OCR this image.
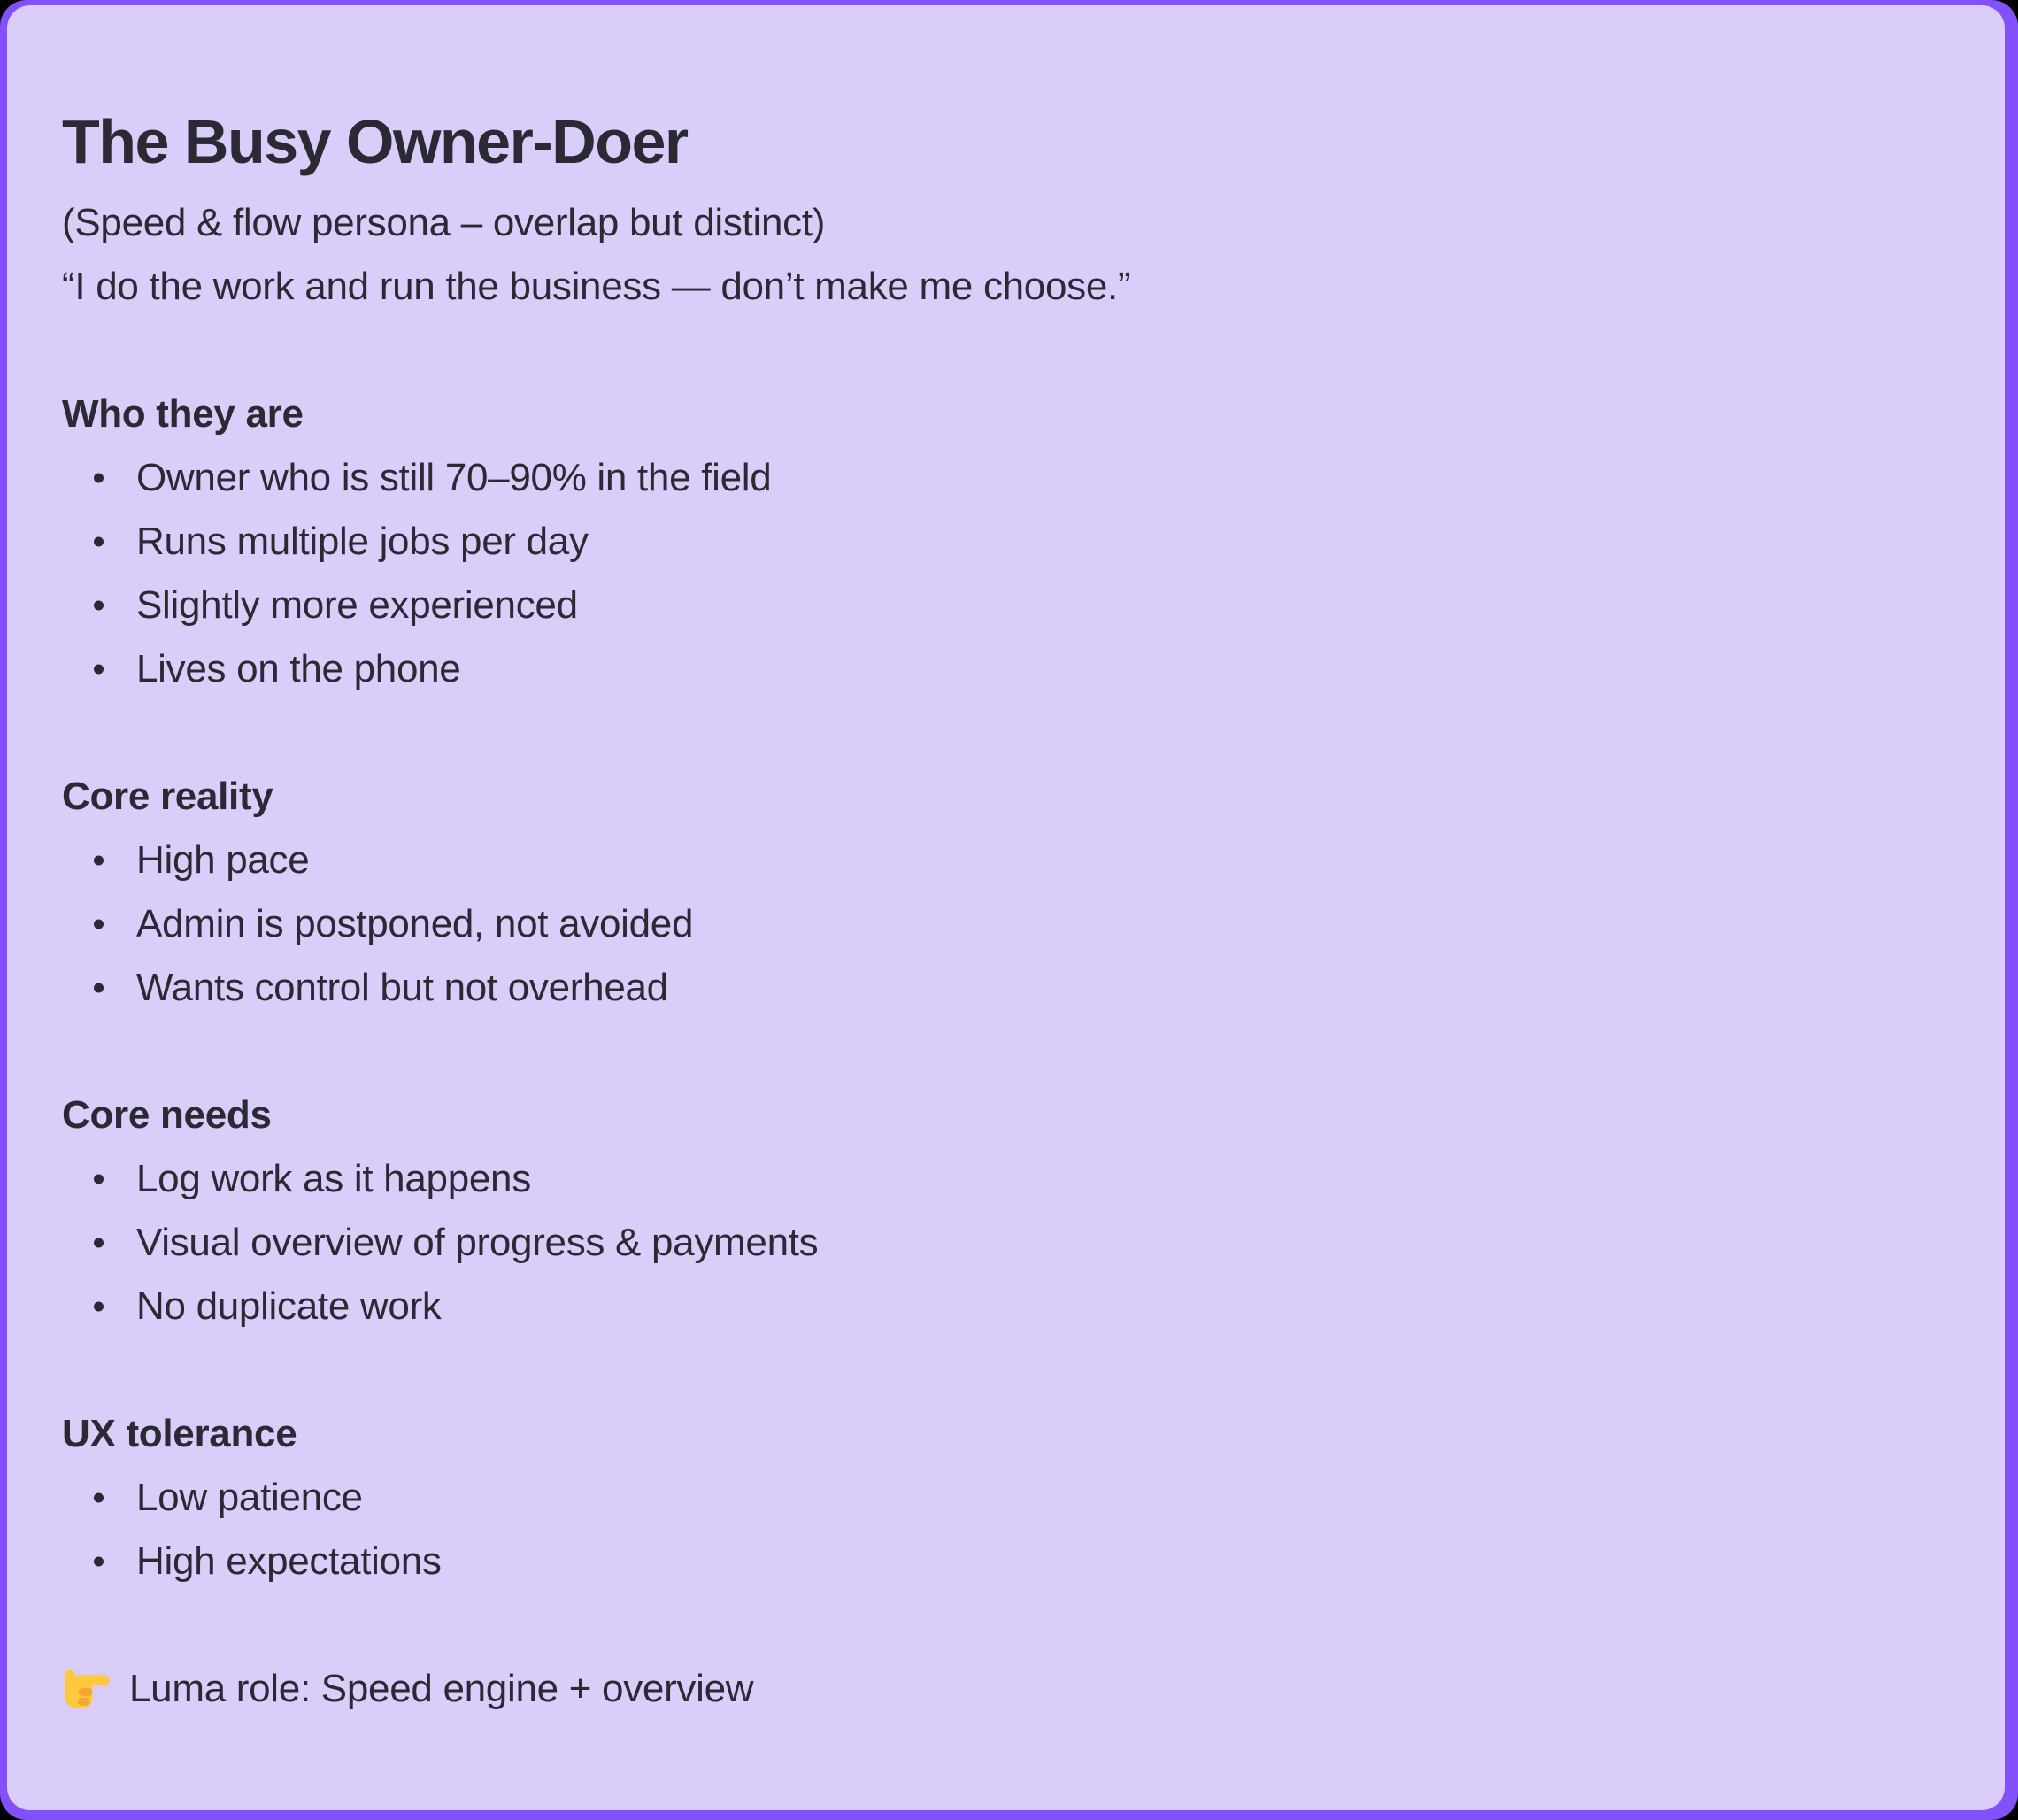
The Busy Owner-Doer

(Speed & flow persona – overlap but distinct)

“I do the work and run the business — don’t make me choose.”

Who they are
Owner who is still 70–90% in the field
Runs multiple jobs per day
Slightly more experienced
Lives on the phone
Core reality
High pace
Admin is postponed, not avoided
Wants control but not overhead
Core needs
Log work as it happens
Visual overview of progress & payments
No duplicate work
UX tolerance
Low patience
High expectations

Luma role: Speed engine + overview
